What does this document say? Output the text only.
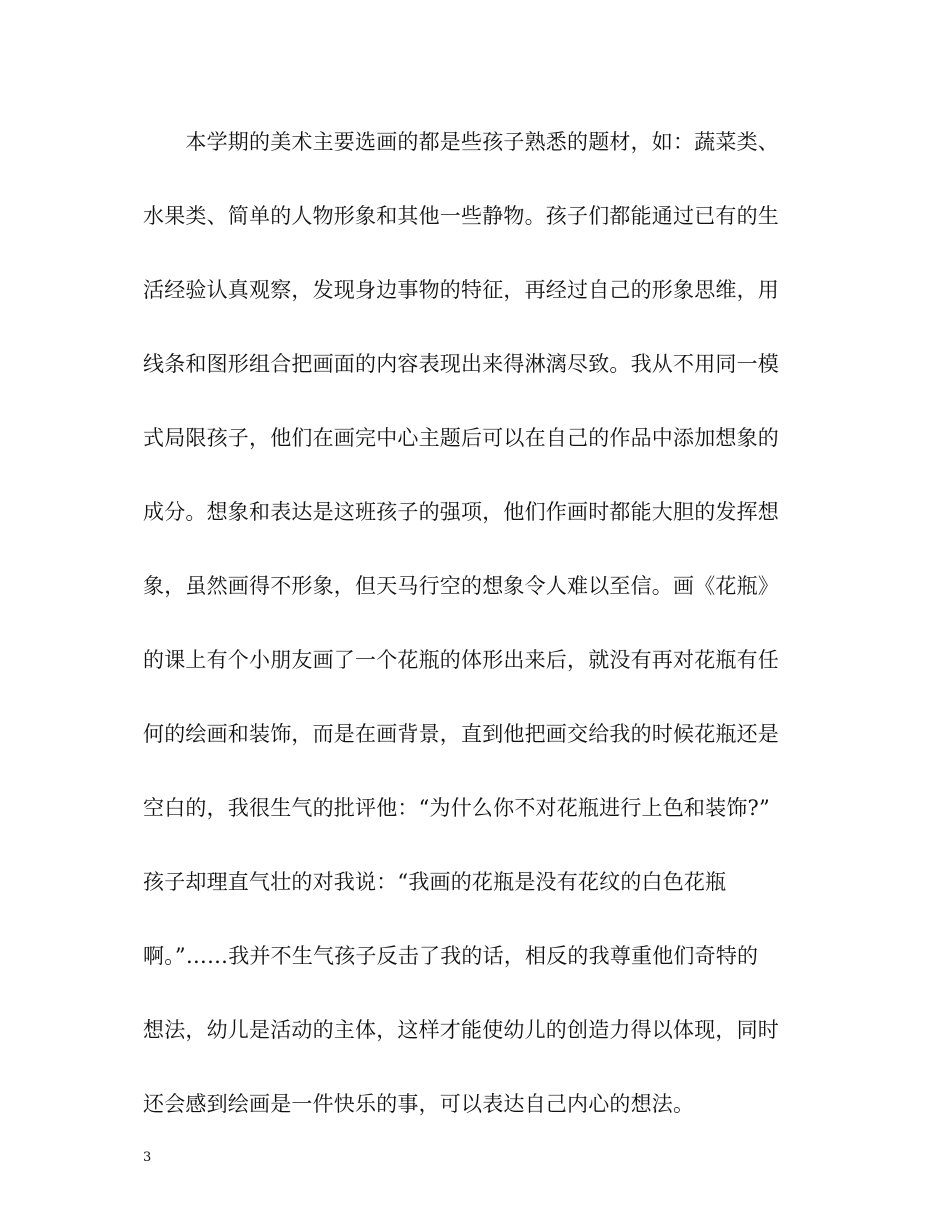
　　本学期的美术主要选画的都是些孩子熟悉的题材，如：蔬菜类、
水果类、简单的人物形象和其他一些静物。孩子们都能通过已有的生
活经验认真观察，发现身边事物的特征，再经过自己的形象思维，用
线条和图形组合把画面的内容表现出来得淋漓尽致。我从不用同一模
式局限孩子，他们在画完中心主题后可以在自己的作品中添加想象的
成分。想象和表达是这班孩子的强项，他们作画时都能大胆的发挥想
象，虽然画得不形象，但天马行空的想象令人难以至信。画《花瓶》
的课上有个小朋友画了一个花瓶的体形出来后，就没有再对花瓶有任
何的绘画和装饰，而是在画背景，直到他把画交给我的时候花瓶还是
空白的，我很生气的批评他：“为什么你不对花瓶进行上色和装饰?”
孩子却理直气壮的对我说：“我画的花瓶是没有花纹的白色花瓶
啊。”……我并不生气孩子反击了我的话，相反的我尊重他们奇特的
想法，幼儿是活动的主体，这样才能使幼儿的创造力得以体现，同时
还会感到绘画是一件快乐的事，可以表达自己内心的想法。
3
